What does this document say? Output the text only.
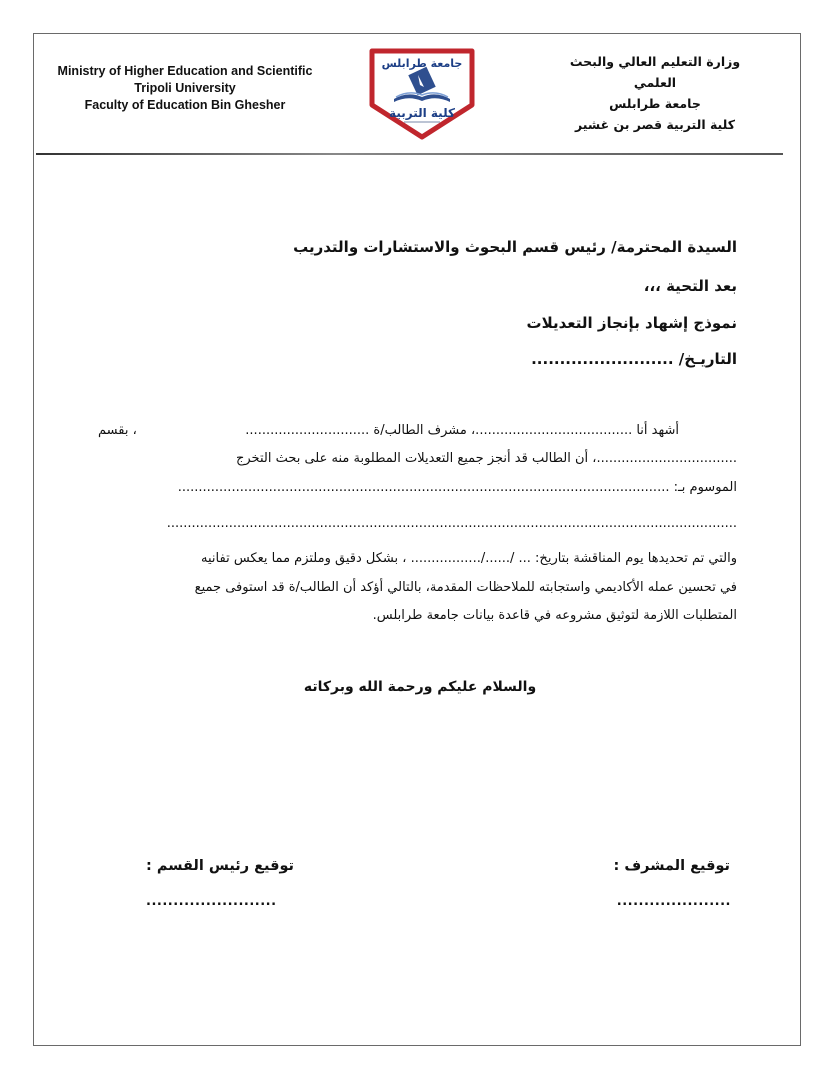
Ministry of Higher Education and Scientific
Tripoli University
Faculty of Education Bin Ghesher
جامعة طرابلس
كلية التربية
وزارة التعليم العالي والبحث العلمي
جامعة طرابلس
كلية التربية قصر بن غشير
السيدة المحترمة/ رئيس قسم البحوث والاستشارات والتدريب
بعد التحية ،،،
نموذج إشهاد بإنجاز التعديلات
التاريـخ/ .........................
أشهد أنا ......................................، مشرف الطالب/ة ..............................
، بقسم
..................................، أن الطالب قد أنجز جميع التعديلات المطلوبة منه على بحث التخرج
الموسوم بـ: .......................................................................................................................
..........................................................................................................................................
والتي تم تحديدها يوم المناقشة بتاريخ: ... /....../................. ، بشكل دقيق وملتزم مما يعكس تفانيه
في تحسين عمله الأكاديمي واستجابته للملاحظات المقدمة، بالتالي أؤكد أن الطالب/ة قد استوفى جميع
المتطلبات اللازمة لتوثيق مشروعه في قاعدة بيانات جامعة طرابلس.
والسلام عليكم ورحمة الله وبركاته
توقيع المشرف :
توقيع رئيس القسم :
.....................
........................
